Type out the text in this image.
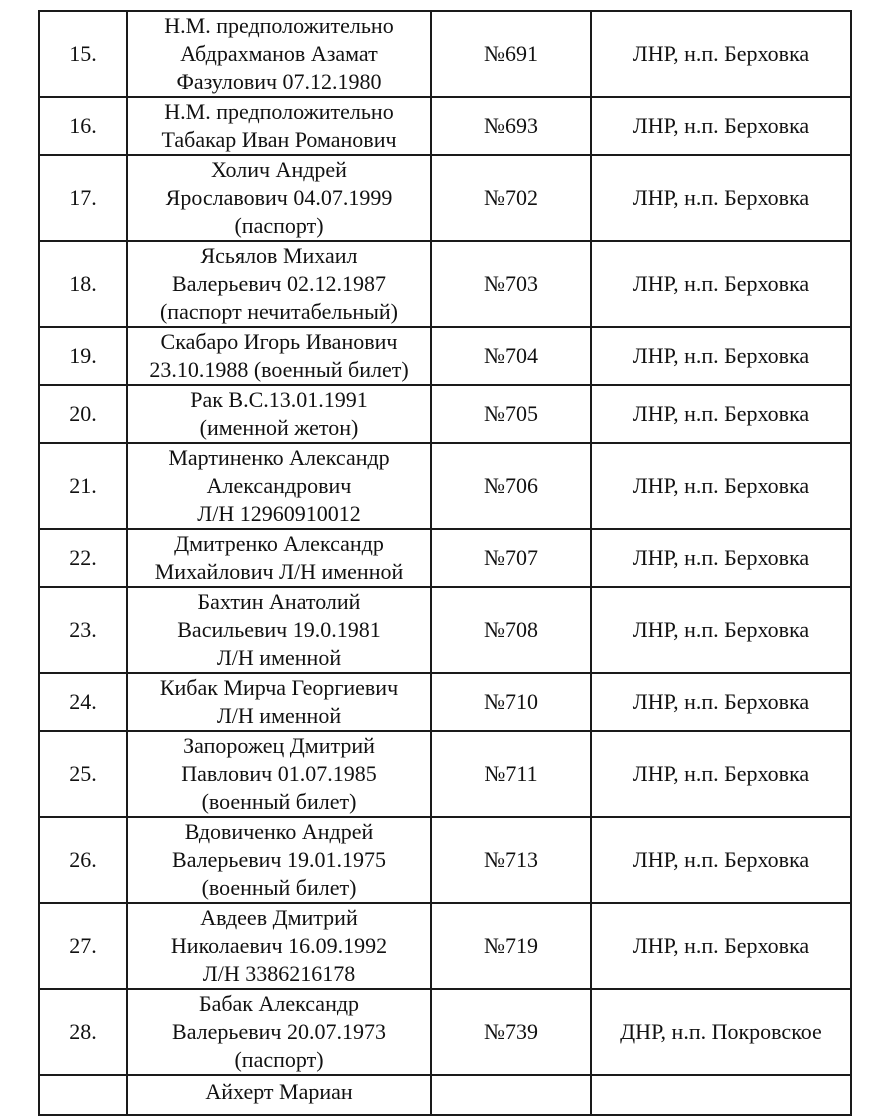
15.	Н.М. предположительно
Абдрахманов Азамат
Фазулович 07.12.1980	№691	ЛНР, н.п. Берховка
16.	Н.М. предположительно
Табакар Иван Романович	№693	ЛНР, н.п. Берховка
17.	Холич Андрей
Ярославович 04.07.1999
(паспорт)	№702	ЛНР, н.п. Берховка
18.	Ясьялов Михаил
Валерьевич 02.12.1987
(паспорт нечитабельный)	№703	ЛНР, н.п. Берховка
19.	Скабаро Игорь Иванович
23.10.1988 (военный билет)	№704	ЛНР, н.п. Берховка
20.	Рак В.С.13.01.1991
(именной жетон)	№705	ЛНР, н.п. Берховка
21.	Мартиненко Александр
Александрович
Л/Н 12960910012	№706	ЛНР, н.п. Берховка
22.	Дмитренко Александр
Михайлович Л/Н именной	№707	ЛНР, н.п. Берховка
23.	Бахтин Анатолий
Васильевич 19.0.1981
Л/Н именной	№708	ЛНР, н.п. Берховка
24.	Кибак Мирча Георгиевич
Л/Н именной	№710	ЛНР, н.п. Берховка
25.	Запорожец Дмитрий
Павлович 01.07.1985
(военный билет)	№711	ЛНР, н.п. Берховка
26.	Вдовиченко Андрей
Валерьевич 19.01.1975
(военный билет)	№713	ЛНР, н.п. Берховка
27.	Авдеев Дмитрий
Николаевич 16.09.1992
Л/Н 3386216178	№719	ЛНР, н.п. Берховка
28.	Бабак Александр
Валерьевич 20.07.1973
(паспорт)	№739	ДНР, н.п. Покровское

	Айхерт Мариан		
